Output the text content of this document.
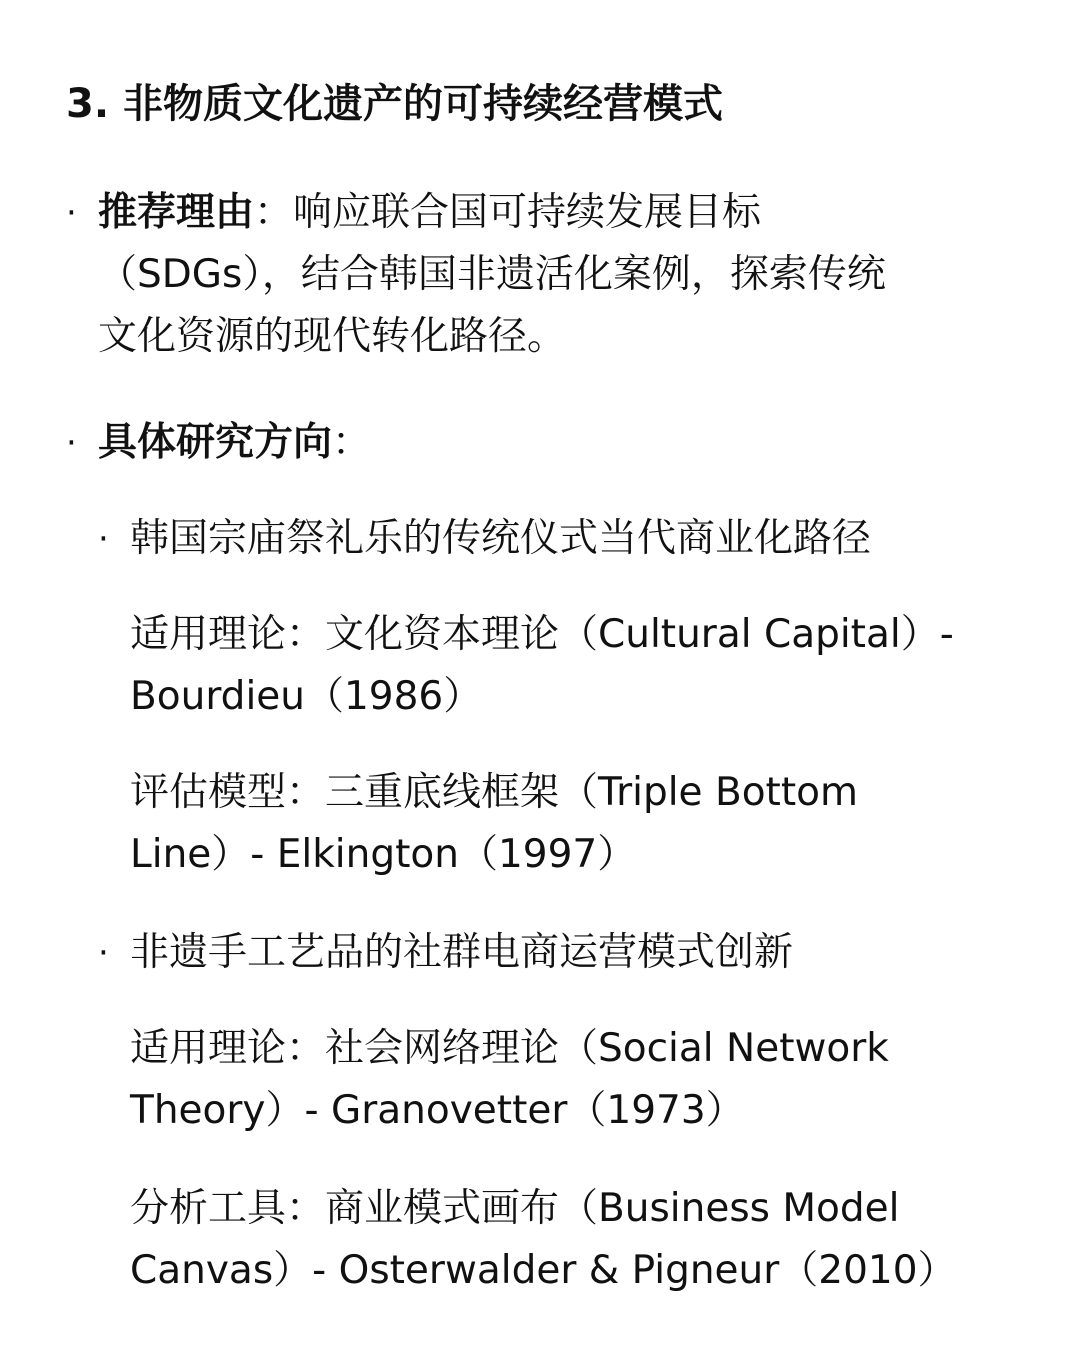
3. 非物质文化遗产的可持续经营模式
· 推荐理由：响应联合国可持续发展目标
（SDGs），结合韩国非遗活化案例，探索传统
文化资源的现代转化路径。
· 具体研究方向：
· 韩国宗庙祭礼乐的传统仪式当代商业化路径
适用理论：文化资本理论（Cultural Capital）-
Bourdieu（1986）
评估模型：三重底线框架（Triple Bottom
Line）- Elkington（1997）
· 非遗手工艺品的社群电商运营模式创新
适用理论：社会网络理论（Social Network
Theory）- Granovetter（1973）
分析工具：商业模式画布（Business Model
Canvas）- Osterwalder & Pigneur（2010）
